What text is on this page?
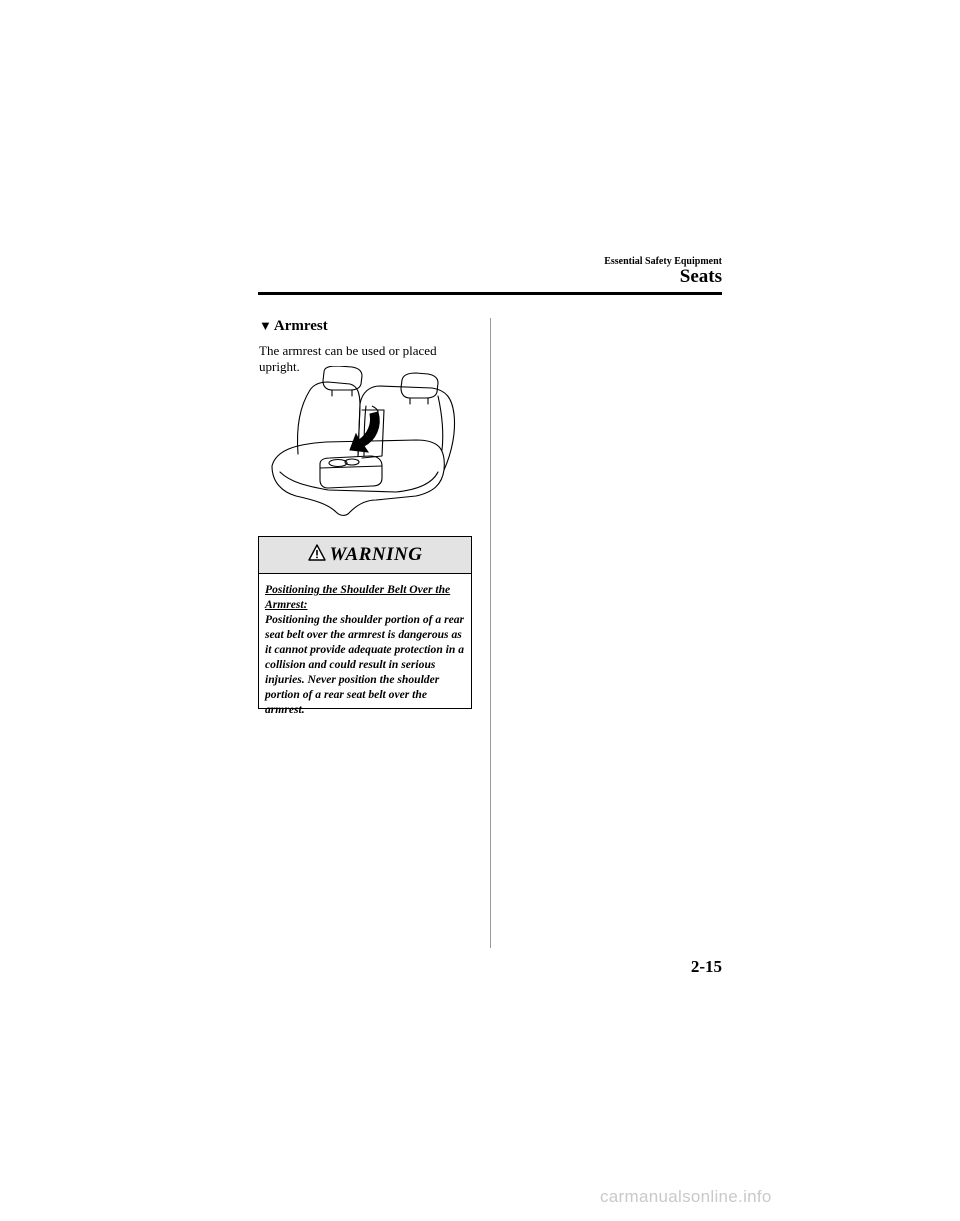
Essential Safety Equipment
Seats
▼ Armrest
The armrest can be used or placed upright.
WARNING
Positioning the Shoulder Belt Over the Armrest:
Positioning the shoulder portion of a rear seat belt over the armrest is dangerous as it cannot provide adequate protection in a collision and could result in serious injuries. Never position the shoulder portion of a rear seat belt over the armrest.
2-15
carmanualsonline.info
